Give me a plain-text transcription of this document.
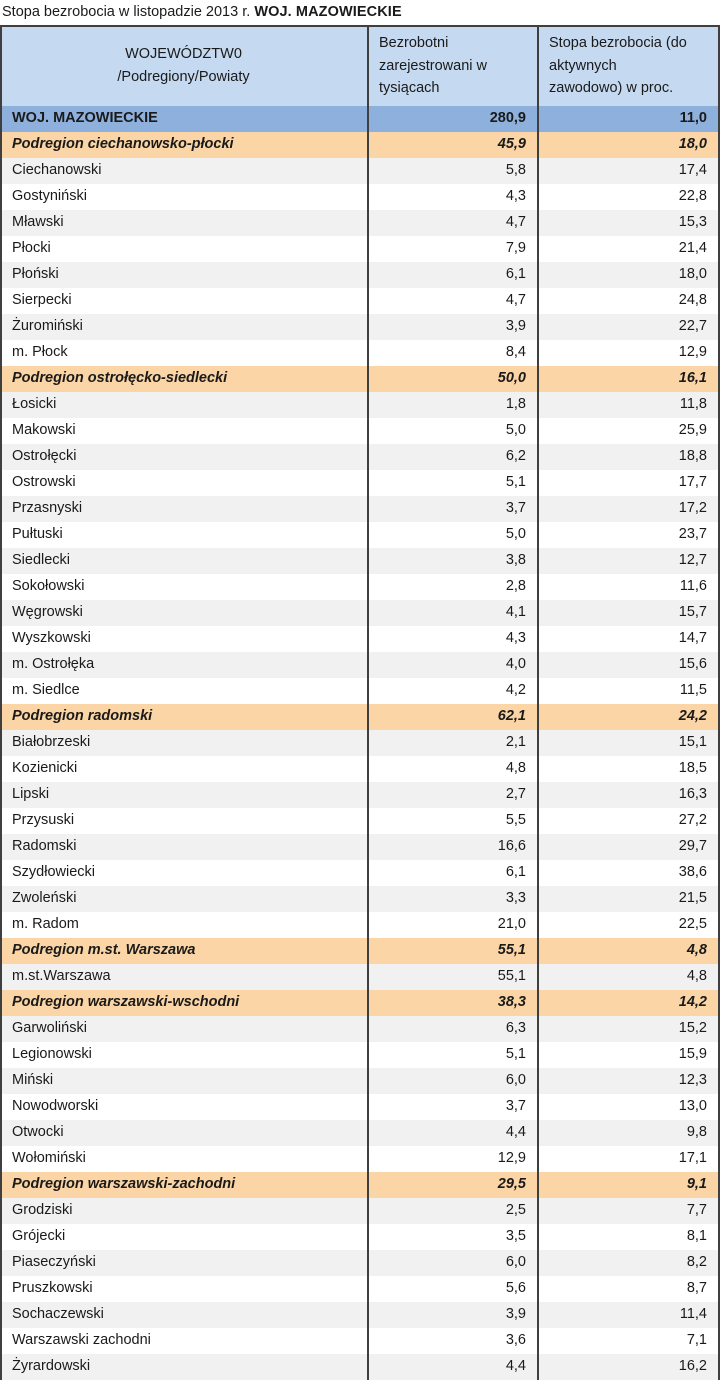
Stopa bezrobocia w listopadzie 2013 r. WOJ. MAZOWIECKIE
WOJEWÓDZTW0
/Podregiony/Powiaty	Bezrobotni
zarejestrowani w
tysiącach	Stopa bezrobocia (do
aktywnych
zawodowo) w proc.

WOJ. MAZOWIECKIE	280,9	11,0
Podregion ciechanowsko-płocki	45,9	18,0
Ciechanowski	5,8	17,4
Gostyniński	4,3	22,8
Mławski	4,7	15,3
Płocki	7,9	21,4
Płoński	6,1	18,0
Sierpecki	4,7	24,8
Żuromiński	3,9	22,7
m. Płock	8,4	12,9
Podregion ostrołęcko-siedlecki	50,0	16,1
Łosicki	1,8	11,8
Makowski	5,0	25,9
Ostrołęcki	6,2	18,8
Ostrowski	5,1	17,7
Przasnyski	3,7	17,2
Pułtuski	5,0	23,7
Siedlecki	3,8	12,7
Sokołowski	2,8	11,6
Węgrowski	4,1	15,7
Wyszkowski	4,3	14,7
m. Ostrołęka	4,0	15,6
m. Siedlce	4,2	11,5
Podregion radomski	62,1	24,2
Białobrzeski	2,1	15,1
Kozienicki	4,8	18,5
Lipski	2,7	16,3
Przysuski	5,5	27,2
Radomski	16,6	29,7
Szydłowiecki	6,1	38,6
Zwoleński	3,3	21,5
m. Radom	21,0	22,5
Podregion m.st. Warszawa	55,1	4,8
m.st.Warszawa	55,1	4,8
Podregion warszawski-wschodni	38,3	14,2
Garwoliński	6,3	15,2
Legionowski	5,1	15,9
Miński	6,0	12,3
Nowodworski	3,7	13,0
Otwocki	4,4	9,8
Wołomiński	12,9	17,1
Podregion warszawski-zachodni	29,5	9,1
Grodziski	2,5	7,7
Grójecki	3,5	8,1
Piaseczyński	6,0	8,2
Pruszkowski	5,6	8,7
Sochaczewski	3,9	11,4
Warszawski zachodni	3,6	7,1
Żyrardowski	4,4	16,2
